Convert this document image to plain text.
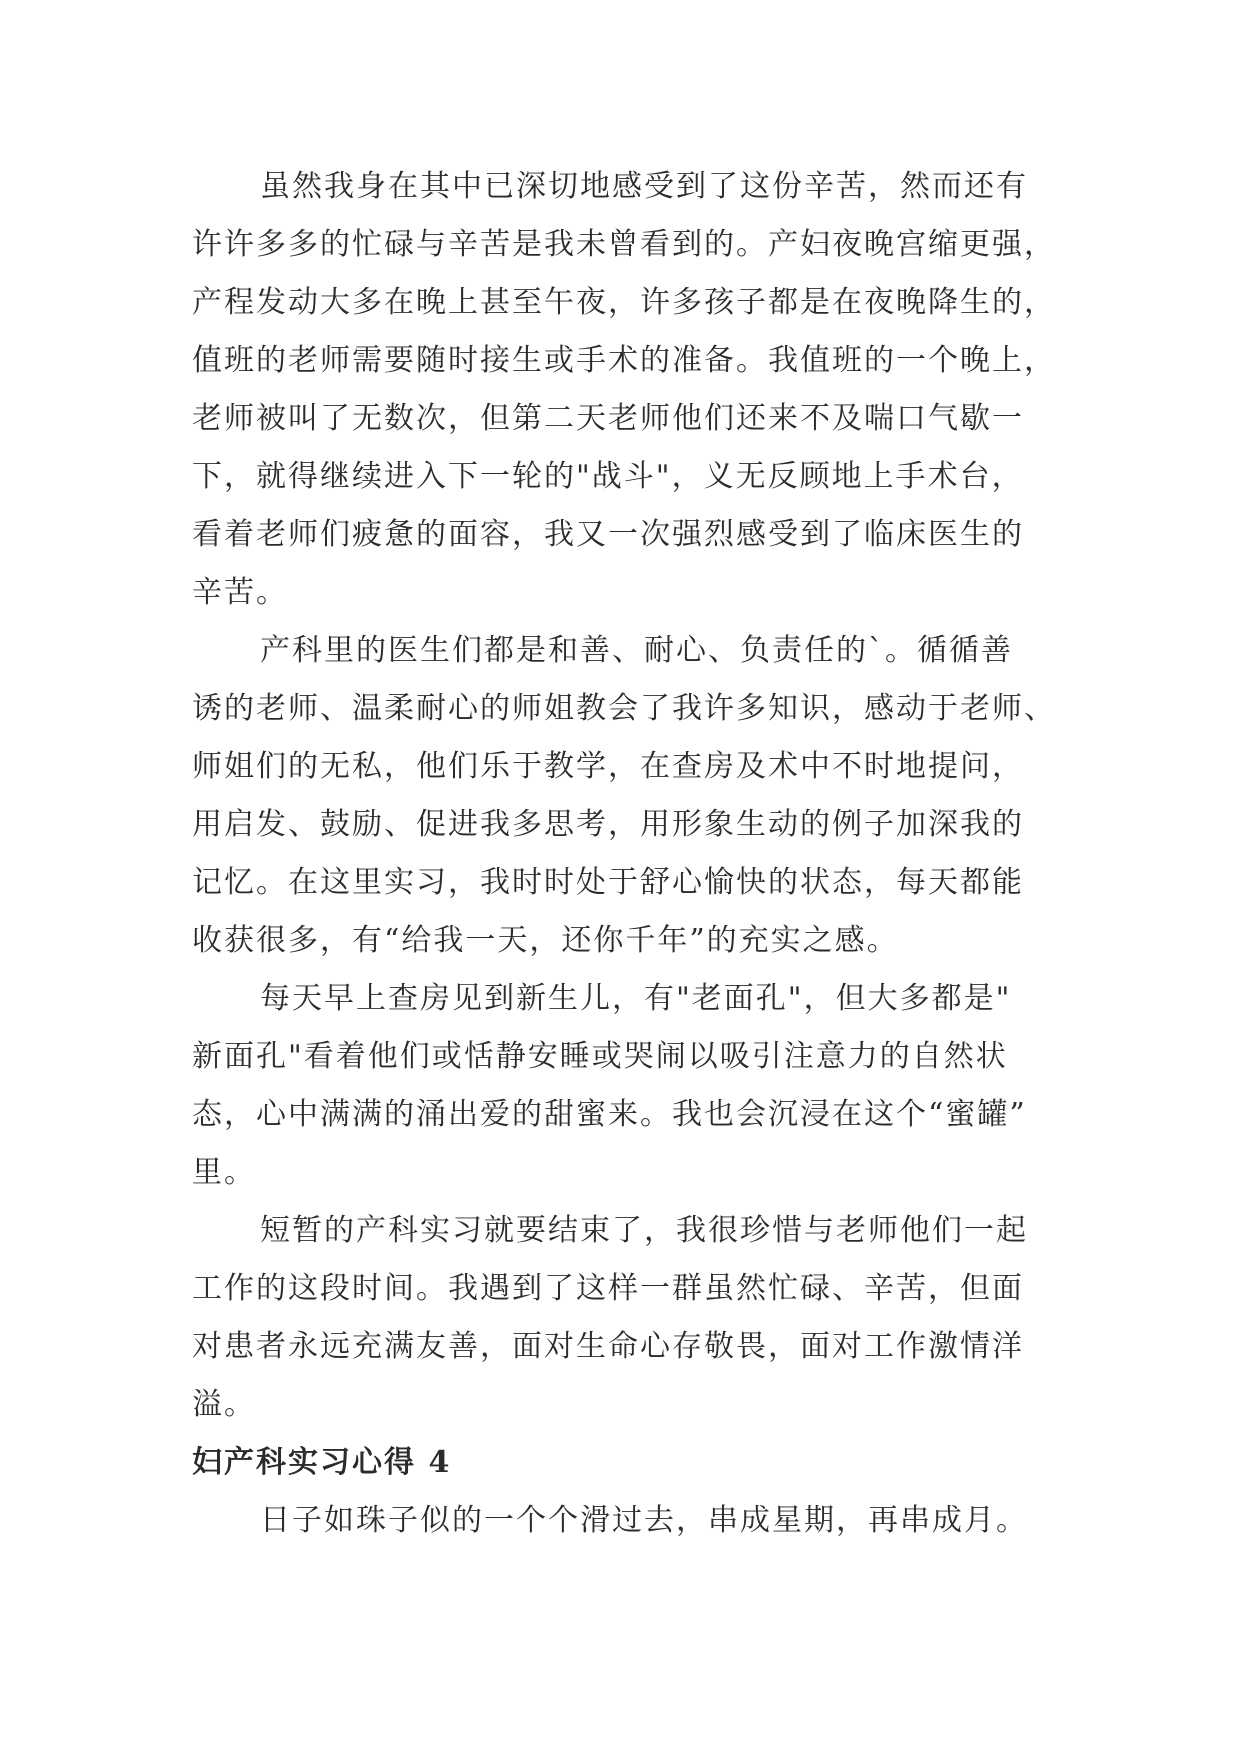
虽然我身在其中已深切地感受到了这份辛苦，然而还有
许许多多的忙碌与辛苦是我未曾看到的。产妇夜晚宫缩更强，
产程发动大多在晚上甚至午夜，许多孩子都是在夜晚降生的，
值班的老师需要随时接生或手术的准备。我值班的一个晚上，
老师被叫了无数次，但第二天老师他们还来不及喘口气歇一
下，就得继续进入下一轮的"战斗"，义无反顾地上手术台，
看着老师们疲惫的面容，我又一次强烈感受到了临床医生的
辛苦。

产科里的医生们都是和善、耐心、负责任的`。循循善
诱的老师、温柔耐心的师姐教会了我许多知识，感动于老师、
师姐们的无私，他们乐于教学，在查房及术中不时地提问，
用启发、鼓励、促进我多思考，用形象生动的例子加深我的
记忆。在这里实习，我时时处于舒心愉快的状态，每天都能
收获很多，有“给我一天，还你千年”的充实之感。

每天早上查房见到新生儿，有"老面孔"，但大多都是"
新面孔"看着他们或恬静安睡或哭闹以吸引注意力的自然状
态，心中满满的涌出爱的甜蜜来。我也会沉浸在这个“蜜罐”
里。

短暂的产科实习就要结束了，我很珍惜与老师他们一起
工作的这段时间。我遇到了这样一群虽然忙碌、辛苦，但面
对患者永远充满友善，面对生命心存敬畏，面对工作激情洋
溢。

妇产科实习心得 4

日子如珠子似的一个个滑过去，串成星期，再串成月。
